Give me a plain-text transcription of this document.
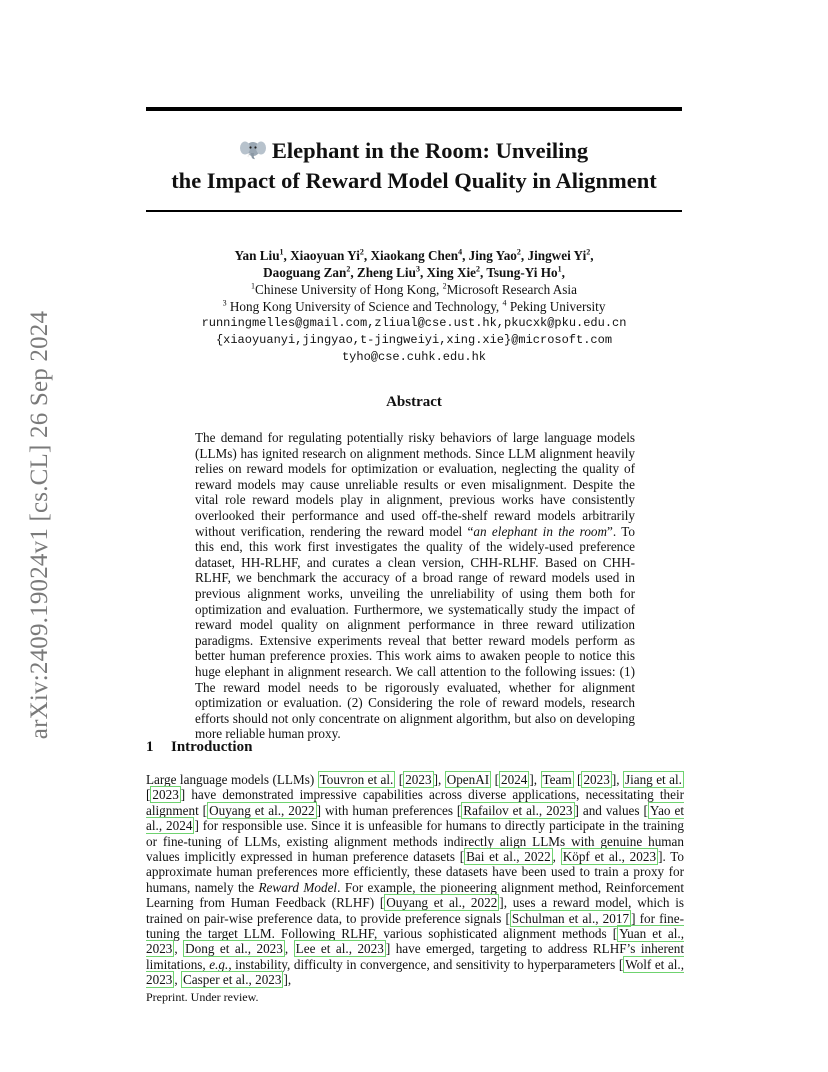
arXiv:2409.19024v1 [cs.CL] 26 Sep 2024
Elephant in the Room: Unveiling
the Impact of Reward Model Quality in Alignment
Yan Liu$^1$, Xiaoyuan Yi$^2$, Xiaokang Chen$^4$, Jing Yao$^2$, Jingwei Yi$^2$,
Daoguang Zan$^2$, Zheng Liu$^3$, Xing Xie$^2$, Tsung-Yi Ho$^1$,
$^1$Chinese University of Hong Kong, $^2$Microsoft Research Asia
$^3$ Hong Kong University of Science and Technology, $^4$ Peking University
runningmelles@gmail.com,zliual@cse.ust.hk,pkucxk@pku.edu.cn
{xiaoyuanyi,jingyao,t-jingweiyi,xing.xie}@microsoft.com
tyho@cse.cuhk.edu.hk
Abstract
The demand for regulating potentially risky behaviors of large language models (LLMs) has ignited research on alignment methods. Since LLM alignment heavily relies on reward models for optimization or evaluation, neglecting the quality of reward models may cause unreliable results or even misalignment. Despite the vital role reward models play in alignment, previous works have consistently overlooked their performance and used off-the-shelf reward models arbitrarily without verification, rendering the reward model “an elephant in the room”. To this end, this work first investigates the quality of the widely-used preference dataset, HH-RLHF, and curates a clean version, CHH-RLHF. Based on CHH-RLHF, we benchmark the accuracy of a broad range of reward models used in previous alignment works, unveiling the unreliability of using them both for optimization and evaluation. Furthermore, we systematically study the impact of reward model quality on alignment performance in three reward utilization paradigms. Extensive experiments reveal that better reward models perform as better human preference proxies. This work aims to awaken people to notice this huge elephant in alignment research. We call attention to the following issues: (1) The reward model needs to be rigorously evaluated, whether for alignment optimization or evaluation. (2) Considering the role of reward models, research efforts should not only concentrate on alignment algorithm, but also on developing more reliable human proxy.
1 Introduction
Large language models (LLMs) Touvron et al. [ 2023 ], OpenAI [ 2024 ], Team [ 2023 ], Jiang et al. [ 2023 ] have demonstrated impressive capabilities across diverse applications, necessitating their alignment [ Ouyang et al., 2022 ] with human preferences [ Rafailov et al., 2023 ] and values [ Yao et al., 2024 ] for responsible use. Since it is unfeasible for humans to directly participate in the training or fine-tuning of LLMs, existing alignment methods indirectly align LLMs with genuine human values implicitly expressed in human preference datasets [ Bai et al., 2022 , Köpf et al., 2023 ]. To approximate human preferences more efficiently, these datasets have been used to train a proxy for humans, namely the Reward Model. For example, the pioneering alignment method, Reinforcement Learning from Human Feedback (RLHF) [ Ouyang et al., 2022 ], uses a reward model, which is trained on pair-wise preference data, to provide preference signals [ Schulman et al., 2017 ] for fine-tuning the target LLM. Following RLHF, various sophisticated alignment methods [ Yuan et al., 2023 , Dong et al., 2023 , Lee et al., 2023 ] have emerged, targeting to address RLHF’s inherent limitations, e.g., instability, difficulty in convergence, and sensitivity to hyperparameters [ Wolf et al., 2023 , Casper et al., 2023 ],
Preprint. Under review.
